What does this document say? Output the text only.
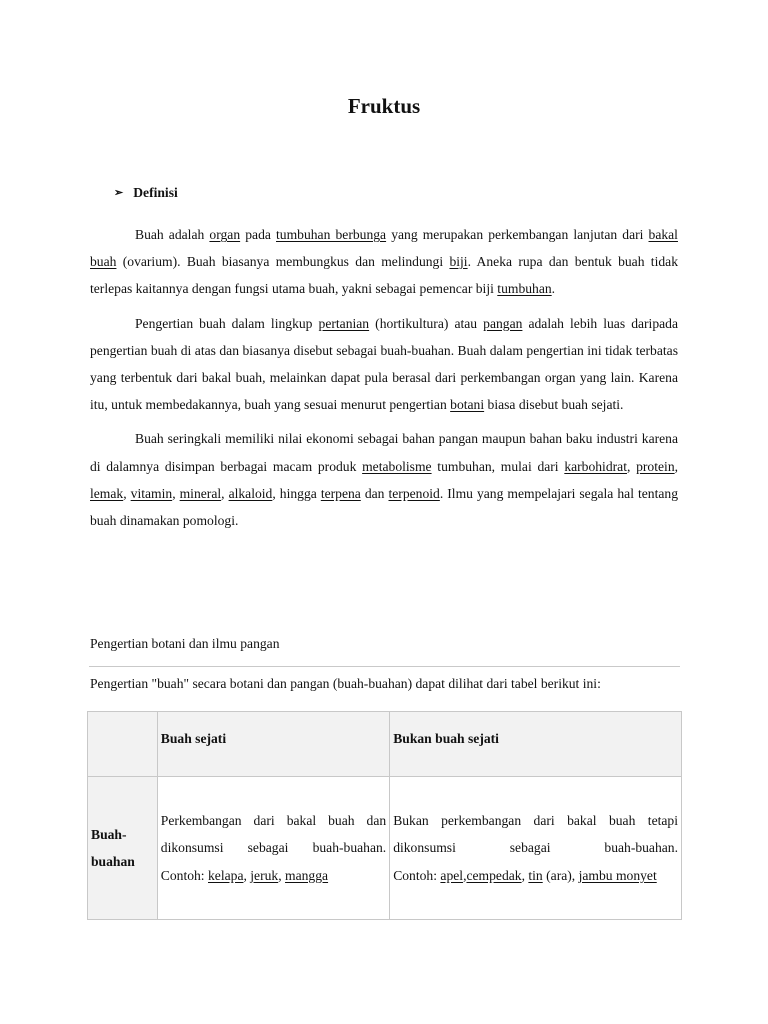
Fruktus
➢ Definisi

Buah adalah organ pada tumbuhan berbunga yang merupakan perkembangan lanjutan dari bakal buah (ovarium). Buah biasanya membungkus dan melindungi biji. Aneka rupa dan bentuk buah tidak terlepas kaitannya dengan fungsi utama buah, yakni sebagai pemencar biji tumbuhan.

Pengertian buah dalam lingkup pertanian (hortikultura) atau pangan adalah lebih luas daripada pengertian buah di atas dan biasanya disebut sebagai buah-buahan. Buah dalam pengertian ini tidak terbatas yang terbentuk dari bakal buah, melainkan dapat pula berasal dari perkembangan organ yang lain. Karena itu, untuk membedakannya, buah yang sesuai menurut pengertian botani biasa disebut buah sejati.

Buah seringkali memiliki nilai ekonomi sebagai bahan pangan maupun bahan baku industri karena di dalamnya disimpan berbagai macam produk metabolisme tumbuhan, mulai dari karbohidrat, protein, lemak, vitamin, mineral, alkaloid, hingga terpena dan terpenoid. Ilmu yang mempelajari segala hal tentang buah dinamakan pomologi.

Pengertian botani dan ilmu pangan
Pengertian "buah" secara botani dan pangan (buah-buahan) dapat dilihat dari tabel berikut ini:
	Buah sejati	Bukan buah sejati
Buah-
buahan	Perkembangan dari bakal buah dan
dikonsumsi sebagai buah-buahan.
Contoh: kelapa, jeruk, mangga	Bukan perkembangan dari bakal buah tetapi
dikonsumsi sebagai buah-buahan.
Contoh: apel,cempedak, tin (ara), jambu monyet
